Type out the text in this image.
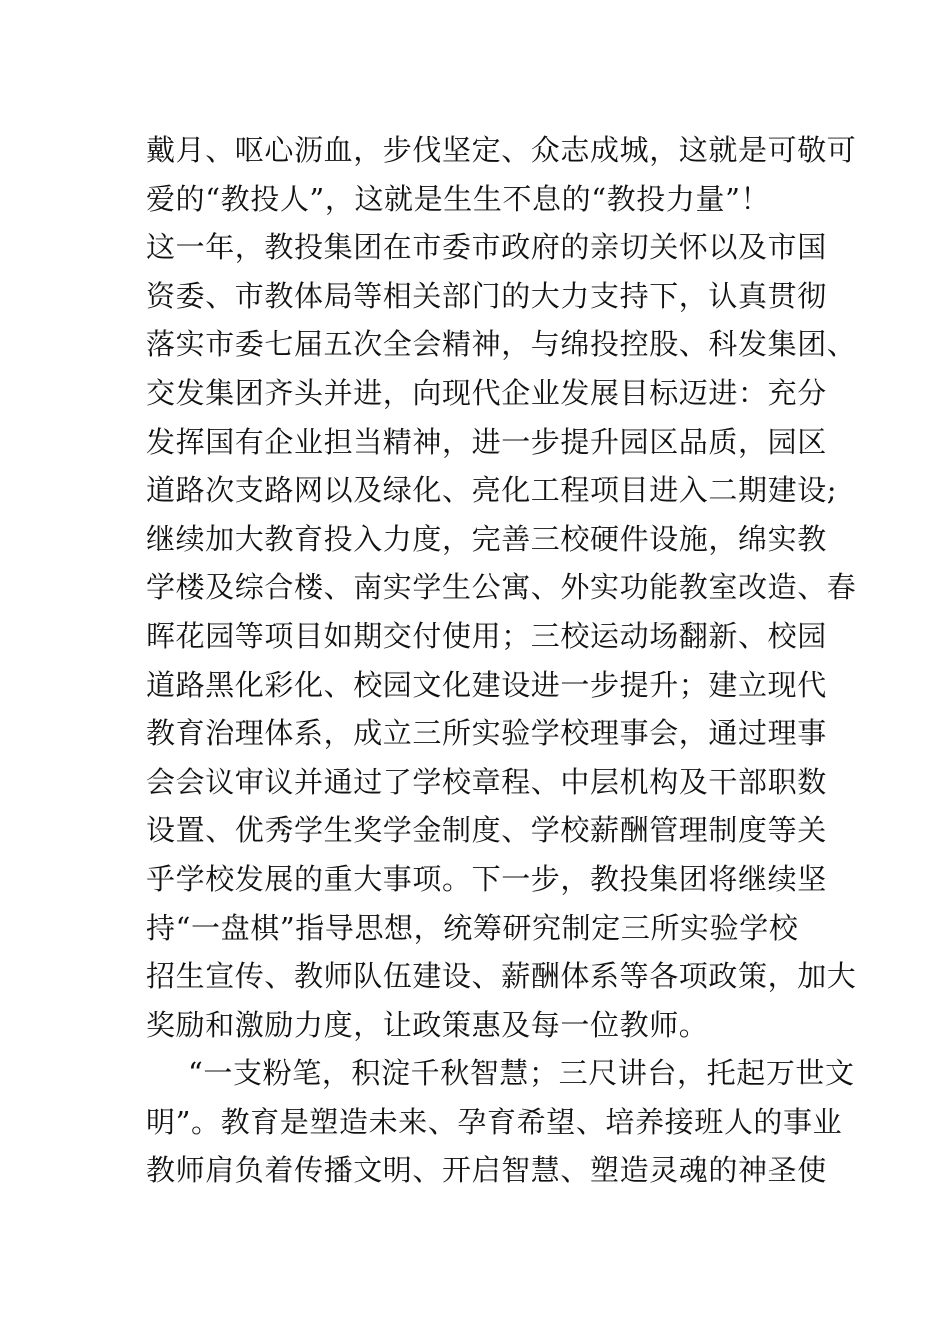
戴月、呕心沥血，步伐坚定、众志成城，这就是可敬可
爱的“教投人”，这就是生生不息的“教投力量”！
这一年，教投集团在市委市政府的亲切关怀以及市国
资委、市教体局等相关部门的大力支持下，认真贯彻
落实市委七届五次全会精神，与绵投控股、科发集团、
交发集团齐头并进，向现代企业发展目标迈进：充分
发挥国有企业担当精神，进一步提升园区品质，园区
道路次支路网以及绿化、亮化工程项目进入二期建设;
继续加大教育投入力度，完善三校硬件设施，绵实教
学楼及综合楼、南实学生公寓、外实功能教室改造、春
晖花园等项目如期交付使用；三校运动场翻新、校园
道路黑化彩化、校园文化建设进一步提升；建立现代
教育治理体系，成立三所实验学校理事会，通过理事
会会议审议并通过了学校章程、中层机构及干部职数
设置、优秀学生奖学金制度、学校薪酬管理制度等关
乎学校发展的重大事项。下一步，教投集团将继续坚
持“一盘棋”指导思想，统筹研究制定三所实验学校
招生宣传、教师队伍建设、薪酬体系等各项政策，加大
奖励和激励力度，让政策惠及每一位教师。
“一支粉笔，积淀千秋智慧；三尺讲台，托起万世文
明”。教育是塑造未来、孕育希望、培养接班人的事业
教师肩负着传播文明、开启智慧、塑造灵魂的神圣使
